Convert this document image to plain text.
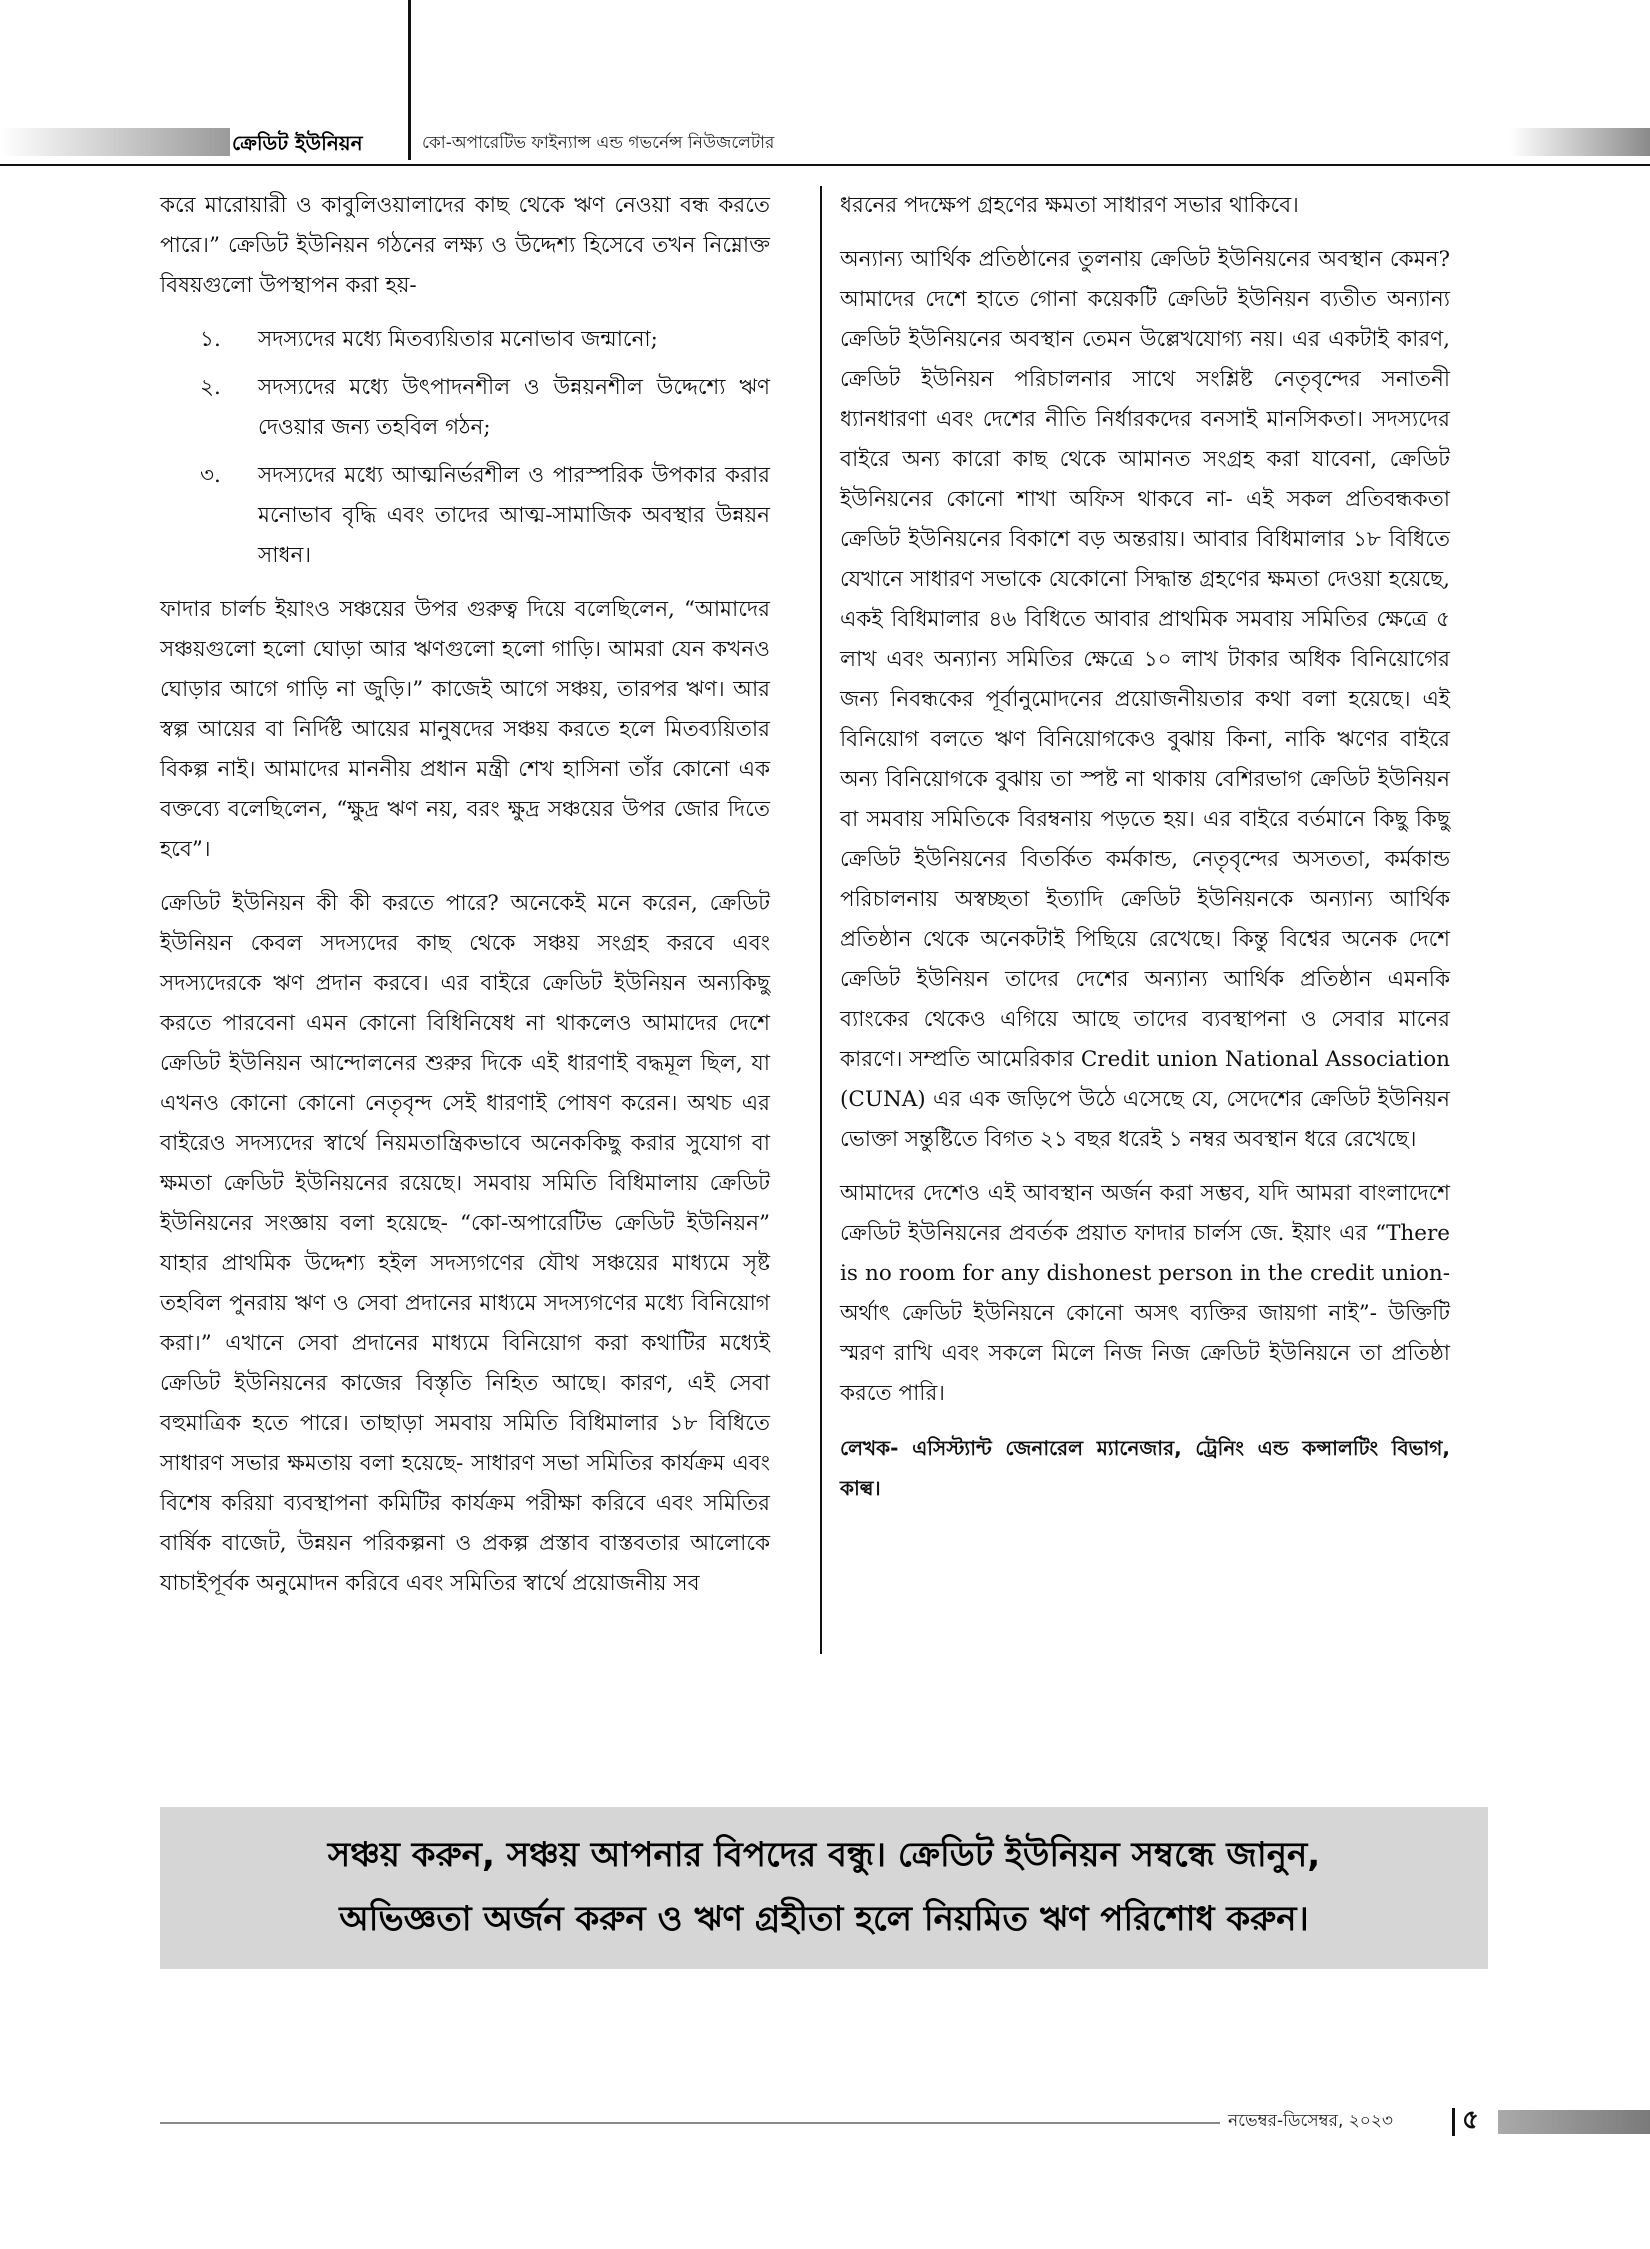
ক্রেডিট ইউনিয়ন	কো-অপারেটিভ ফাইন্যান্স এন্ড গভর্নেন্স নিউজলেটার

করে মারোয়ারী ও কাবুলিওয়ালাদের কাছ থেকে ঋণ নেওয়া বন্ধ করতে পারে।” ক্রেডিট ইউনিয়ন গঠনের লক্ষ্য ও উদ্দেশ্য হিসেবে তখন নিম্নোক্ত বিষয়গুলো উপস্থাপন করা হয়-

১.	সদস্যদের মধ্যে মিতব্যয়িতার মনোভাব জন্মানো;
২.	সদস্যদের মধ্যে উৎপাদনশীল ও উন্নয়নশীল উদ্দেশ্যে ঋণ দেওয়ার জন্য তহবিল গঠন;
৩.	সদস্যদের মধ্যে আত্মনির্ভরশীল ও পারস্পরিক উপকার করার মনোভাব বৃদ্ধি এবং তাদের আত্ম-সামাজিক অবস্থার উন্নয়ন সাধন।

ফাদার চার্লচ ইয়াংও সঞ্চয়ের উপর গুরুত্ব দিয়ে বলেছিলেন, “আমাদের সঞ্চয়গুলো হলো ঘোড়া আর ঋণগুলো হলো গাড়ি। আমরা যেন কখনও ঘোড়ার আগে গাড়ি না জুড়ি।” কাজেই আগে সঞ্চয়, তারপর ঋণ। আর স্বল্প আয়ের বা নির্দিষ্ট আয়ের মানুষদের সঞ্চয় করতে হলে মিতব্যয়িতার বিকল্প নাই। আমাদের মাননীয় প্রধান মন্ত্রী শেখ হাসিনা তাঁর কোনো এক বক্তব্যে বলেছিলেন, “ক্ষুদ্র ঋণ নয়, বরং ক্ষুদ্র সঞ্চয়ের উপর জোর দিতে হবে”।

ক্রেডিট ইউনিয়ন কী কী করতে পারে? অনেকেই মনে করেন, ক্রেডিট ইউনিয়ন কেবল সদস্যদের কাছ থেকে সঞ্চয় সংগ্রহ করবে এবং সদস্যদেরকে ঋণ প্রদান করবে। এর বাইরে ক্রেডিট ইউনিয়ন অন্যকিছু করতে পারবেনা এমন কোনো বিধিনিষেধ না থাকলেও আমাদের দেশে ক্রেডিট ইউনিয়ন আন্দোলনের শুরুর দিকে এই ধারণাই বদ্ধমূল ছিল, যা এখনও কোনো কোনো নেতৃবৃন্দ সেই ধারণাই পোষণ করেন। অথচ এর বাইরেও সদস্যদের স্বার্থে নিয়মতান্ত্রিকভাবে অনেককিছু করার সুযোগ বা ক্ষমতা ক্রেডিট ইউনিয়নের রয়েছে। সমবায় সমিতি বিধিমালায় ক্রেডিট ইউনিয়নের সংজ্ঞায় বলা হয়েছে- “কো-অপারেটিভ ক্রেডিট ইউনিয়ন” যাহার প্রাথমিক উদ্দেশ্য হইল সদস্যগণের যৌথ সঞ্চয়ের মাধ্যমে সৃষ্ট তহবিল পুনরায় ঋণ ও সেবা প্রদানের মাধ্যমে সদস্যগণের মধ্যে বিনিয়োগ করা।” এখানে সেবা প্রদানের মাধ্যমে বিনিয়োগ করা কথাটির মধ্যেই ক্রেডিট ইউনিয়নের কাজের বিস্তৃতি নিহিত আছে। কারণ, এই সেবা বহুমাত্রিক হতে পারে। তাছাড়া সমবায় সমিতি বিধিমালার ১৮ বিধিতে সাধারণ সভার ক্ষমতায় বলা হয়েছে- সাধারণ সভা সমিতির কার্যক্রম এবং বিশেষ করিয়া ব্যবস্থাপনা কমিটির কার্যক্রম পরীক্ষা করিবে এবং সমিতির বার্ষিক বাজেট, উন্নয়ন পরিকল্পনা ও প্রকল্প প্রস্তাব বাস্তবতার আলোকে যাচাইপূর্বক অনুমোদন করিবে এবং সমিতির স্বার্থে প্রয়োজনীয় সব

ধরনের পদক্ষেপ গ্রহণের ক্ষমতা সাধারণ সভার থাকিবে।

অন্যান্য আর্থিক প্রতিষ্ঠানের তুলনায় ক্রেডিট ইউনিয়নের অবস্থান কেমন? আমাদের দেশে হাতে গোনা কয়েকটি ক্রেডিট ইউনিয়ন ব্যতীত অন্যান্য ক্রেডিট ইউনিয়নের অবস্থান তেমন উল্লেখযোগ্য নয়। এর একটাই কারণ, ক্রেডিট ইউনিয়ন পরিচালনার সাথে সংশ্লিষ্ট নেতৃবৃন্দের সনাতনী ধ্যানধারণা এবং দেশের নীতি নির্ধারকদের বনসাই মানসিকতা। সদস্যদের বাইরে অন্য কারো কাছ থেকে আমানত সংগ্রহ করা যাবেনা, ক্রেডিট ইউনিয়নের কোনো শাখা অফিস থাকবে না- এই সকল প্রতিবন্ধকতা ক্রেডিট ইউনিয়নের বিকাশে বড় অন্তরায়। আবার বিধিমালার ১৮ বিধিতে যেখানে সাধারণ সভাকে যেকোনো সিদ্ধান্ত গ্রহণের ক্ষমতা দেওয়া হয়েছে, একই বিধিমালার ৪৬ বিধিতে আবার প্রাথমিক সমবায় সমিতির ক্ষেত্রে ৫ লাখ এবং অন্যান্য সমিতির ক্ষেত্রে ১০ লাখ টাকার অধিক বিনিয়োগের জন্য নিবন্ধকের পূর্বানুমোদনের প্রয়োজনীয়তার কথা বলা হয়েছে। এই বিনিয়োগ বলতে ঋণ বিনিয়োগকেও বুঝায় কিনা, নাকি ঋণের বাইরে অন্য বিনিয়োগকে বুঝায় তা স্পষ্ট না থাকায় বেশিরভাগ ক্রেডিট ইউনিয়ন বা সমবায় সমিতিকে বিরম্বনায় পড়তে হয়। এর বাইরে বর্তমানে কিছু কিছু ক্রেডিট ইউনিয়নের বিতর্কিত কর্মকান্ড, নেতৃবৃন্দের অসততা, কর্মকান্ড পরিচালনায় অস্বচ্ছতা ইত্যাদি ক্রেডিট ইউনিয়নকে অন্যান্য আর্থিক প্রতিষ্ঠান থেকে অনেকটাই পিছিয়ে রেখেছে। কিন্তু বিশ্বের অনেক দেশে ক্রেডিট ইউনিয়ন তাদের দেশের অন্যান্য আর্থিক প্রতিষ্ঠান এমনকি ব্যাংকের থেকেও এগিয়ে আছে তাদের ব্যবস্থাপনা ও সেবার মানের কারণে। সম্প্রতি আমেরিকার Credit union National Association (CUNA) এর এক জড়িপে উঠে এসেছে যে, সেদেশের ক্রেডিট ইউনিয়ন ভোক্তা সন্তুষ্টিতে বিগত ২১ বছর ধরেই ১ নম্বর অবস্থান ধরে রেখেছে।

আমাদের দেশেও এই আবস্থান অর্জন করা সম্ভব, যদি আমরা বাংলাদেশে ক্রেডিট ইউনিয়নের প্রবর্তক প্রয়াত ফাদার চার্লস জে. ইয়াং এর “There is no room for any dishonest person in the credit union- অর্থাৎ ক্রেডিট ইউনিয়নে কোনো অসৎ ব্যক্তির জায়গা নাই”- উক্তিটি স্মরণ রাখি এবং সকলে মিলে নিজ নিজ ক্রেডিট ইউনিয়নে তা প্রতিষ্ঠা করতে পারি।

লেখক- এসিস্ট্যান্ট জেনারেল ম্যানেজার, ট্রেনিং এন্ড কন্সালটিং বিভাগ, কাল্ব।
সঞ্চয় করুন, সঞ্চয় আপনার বিপদের বন্ধু। ক্রেডিট ইউনিয়ন সম্বন্ধে জানুন,
অভিজ্ঞতা অর্জন করুন ও ঋণ গ্রহীতা হলে নিয়মিত ঋণ পরিশোধ করুন।
নভেম্বর-ডিসেম্বর, ২০২৩	৫
